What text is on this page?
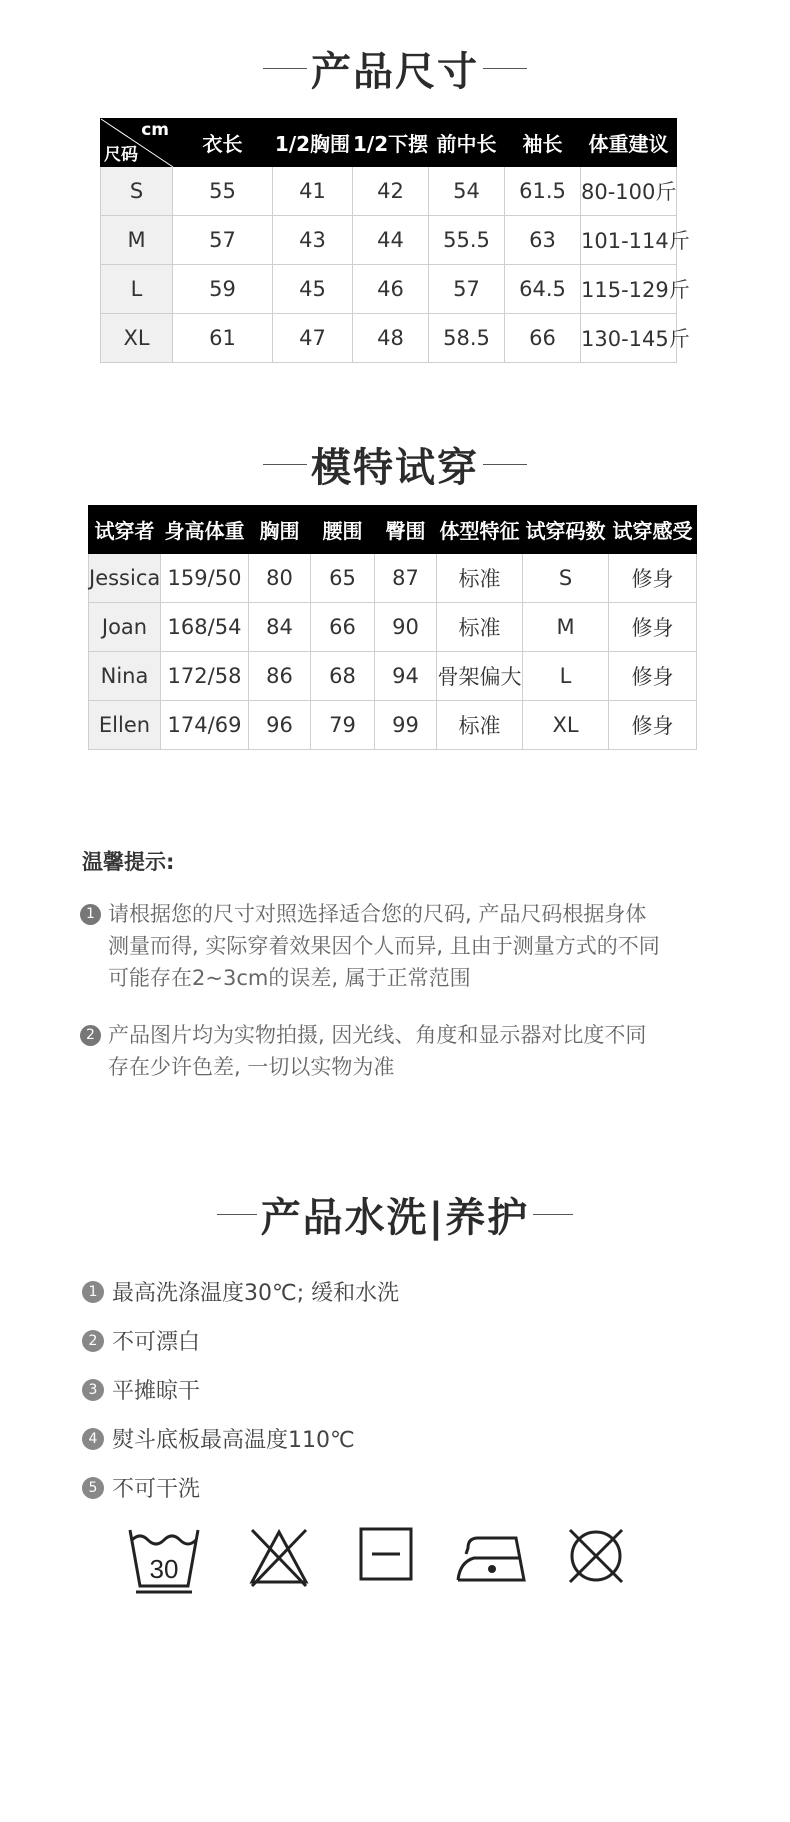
产品尺寸
cm
尺码	衣长	1/2胸围	1/2下摆	前中长	袖长	体重建议
S	55	41	42	54	61.5	80-100斤
M	57	43	44	55.5	63	101-114斤
L	59	45	46	57	64.5	115-129斤
XL	61	47	48	58.5	66	130-145斤
模特试穿
试穿者	身高体重	胸围	腰围	臀围	体型特征	试穿码数	试穿感受
Jessica	159/50	80	65	87	标准	S	修身
Joan	168/54	84	66	90	标准	M	修身
Nina	172/58	86	68	94	骨架偏大	L	修身
Ellen	174/69	96	79	99	标准	XL	修身
温馨提示:
1 请根据您的尺寸对照选择适合您的尺码, 产品尺码根据身体
测量而得, 实际穿着效果因个人而异, 且由于测量方式的不同
可能存在2~3cm的误差, 属于正常范围
2 产品图片均为实物拍摄, 因光线、角度和显示器对比度不同
存在少许色差, 一切以实物为准
产品水洗|养护
1 最高洗涤温度30℃; 缓和水洗
2 不可漂白
3 平摊晾干
4 熨斗底板最高温度110℃
5 不可干洗
30
